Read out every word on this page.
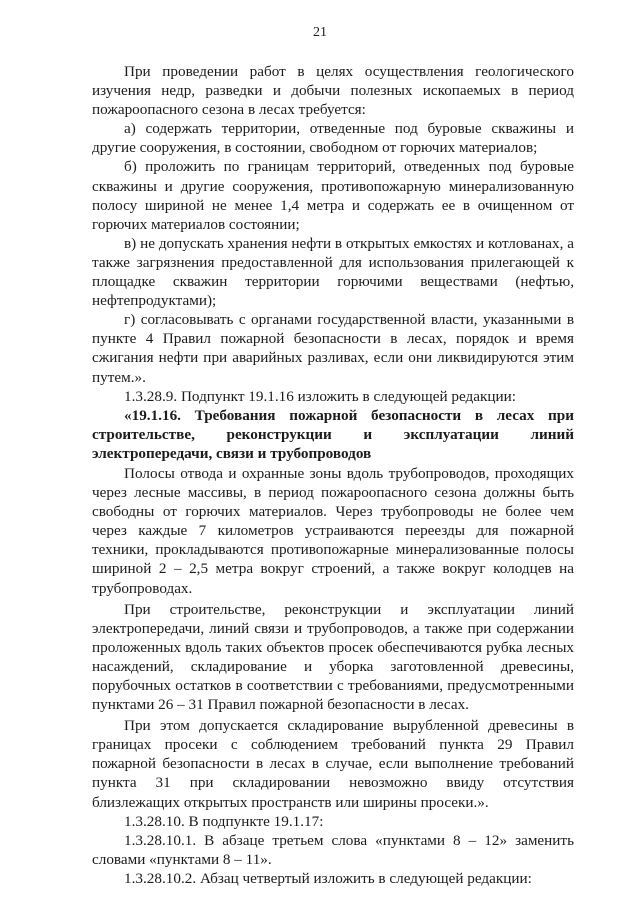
21

При проведении работ в целях осуществления геологического изучения недр, разведки и добычи полезных ископаемых в период пожароопасного сезона в лесах требуется:

а) содержать территории, отведенные под буровые скважины и другие сооружения, в состоянии, свободном от горючих материалов;

б) проложить по границам территорий, отведенных под буровые скважины и другие сооружения, противопожарную минерализованную полосу шириной не менее 1,4 метра и содержать ее в очищенном от горючих материалов состоянии;

в) не допускать хранения нефти в открытых емкостях и котлованах, а также загрязнения предоставленной для использования прилегающей к площадке скважин территории горючими веществами (нефтью, нефтепродуктами);

г) согласовывать с органами государственной власти, указанными в пункте 4 Правил пожарной безопасности в лесах, порядок и время сжигания нефти при аварийных разливах, если они ликвидируются этим путем.».

1.3.28.9. Подпункт 19.1.16 изложить в следующей редакции:

«19.1.16. Требования пожарной безопасности в лесах при строительстве, реконструкции и эксплуатации линий электропередачи, связи и трубопроводов

Полосы отвода и охранные зоны вдоль трубопроводов, проходящих через лесные массивы, в период пожароопасного сезона должны быть свободны от горючих материалов. Через трубопроводы не более чем через каждые 7 километров устраиваются переезды для пожарной техники, прокладываются противопожарные минерализованные полосы шириной 2 – 2,5 метра вокруг строений, а также вокруг колодцев на трубопроводах.

При строительстве, реконструкции и эксплуатации линий электропередачи, линий связи и трубопроводов, а также при содержании проложенных вдоль таких объектов просек обеспечиваются рубка лесных насаждений, складирование и уборка заготовленной древесины, порубочных остатков в соответствии с требованиями, предусмотренными пунктами 26 – 31 Правил пожарной безопасности в лесах.

При этом допускается складирование вырубленной древесины в границах просеки с соблюдением требований пункта 29 Правил пожарной безопасности в лесах в случае, если выполнение требований пункта 31 при складировании невозможно ввиду отсутствия близлежащих открытых пространств или ширины просеки.».

1.3.28.10. В подпункте 19.1.17:

1.3.28.10.1. В абзаце третьем слова «пунктами 8 – 12» заменить словами «пунктами 8 – 11».

1.3.28.10.2. Абзац четвертый изложить в следующей редакции:
